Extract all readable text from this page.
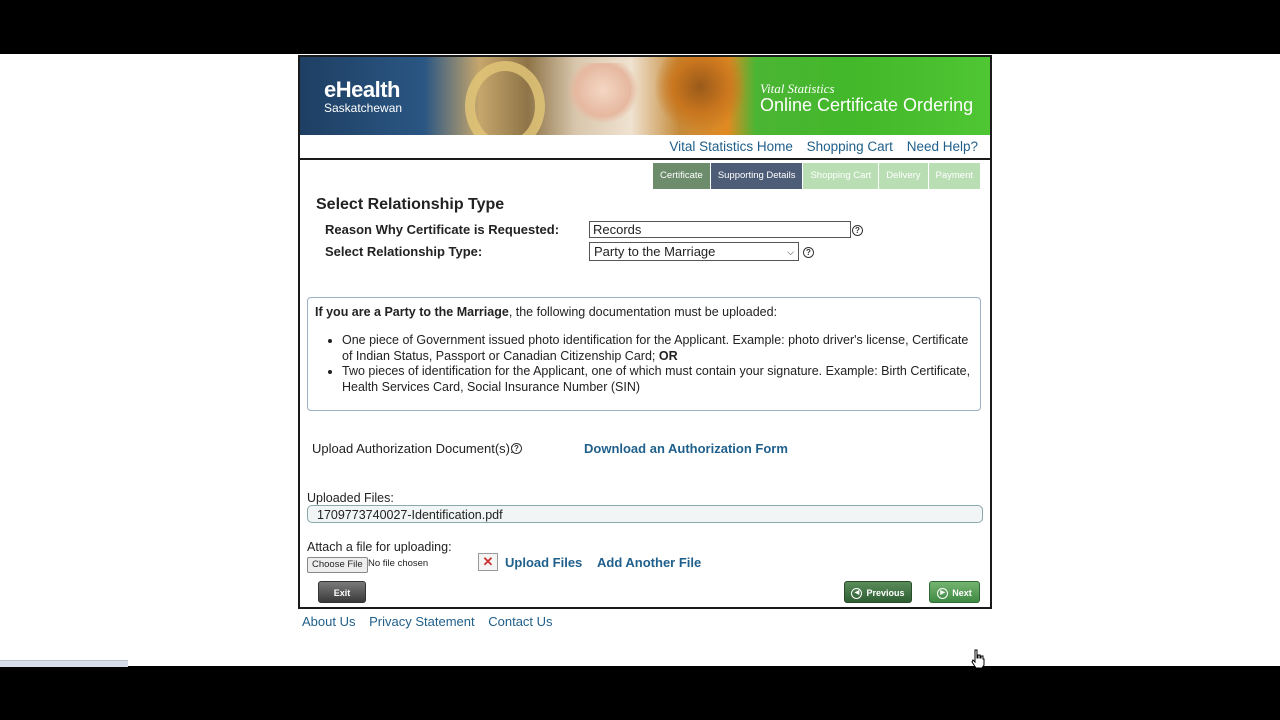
eHealth
Saskatchewan
Vital Statistics
Online Certificate Ordering
Vital Statistics Home Shopping Cart Need Help?
Certificate	Supporting Details	Shopping Cart	Delivery	Payment
Select Relationship Type
Reason Why Certificate is Requested:	Records	?
Select Relationship Type:	Party to the Marriage	⌵	?
If you are a Party to the Marriage, the following documentation must be uploaded:
• One piece of Government issued photo identification for the Applicant. Example: photo driver's license, Certificate of Indian Status, Passport or Canadian Citizenship Card; OR
• Two pieces of identification for the Applicant, one of which must contain your signature. Example: Birth Certificate, Health Services Card, Social Insurance Number (SIN)
Upload Authorization Document(s): ?	Download an Authorization Form
Uploaded Files:
1709773740027-Identification.pdf
Attach a file for uploading:
Choose File No file chosen	✕ Upload Files Add Another File
Exit	◀ Previous	▶ Next
About Us Privacy Statement Contact Us
